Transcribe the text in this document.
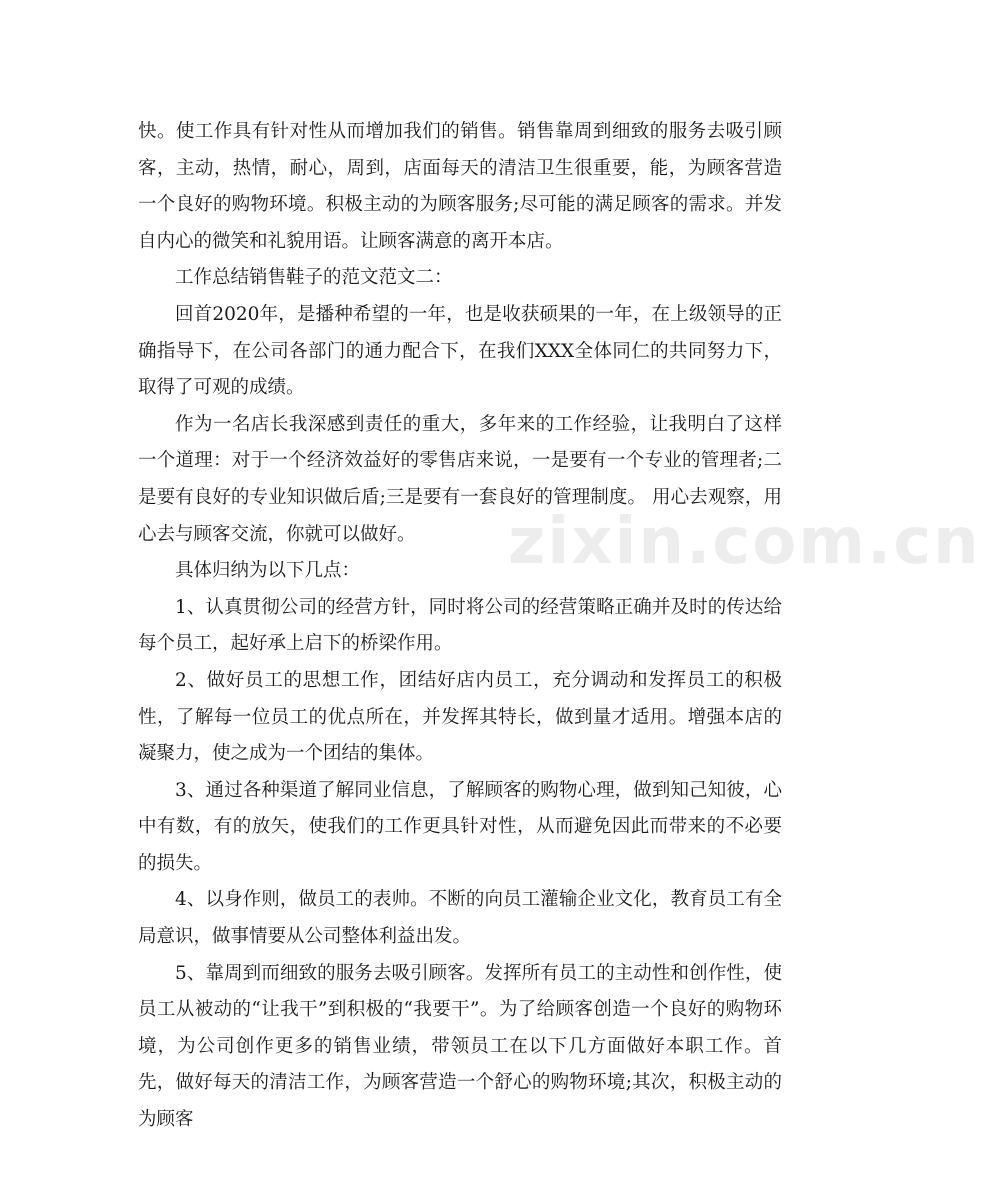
zixin.com.cn

快。使工作具有针对性从而增加我们的销售。销售靠周到细致的服务去吸引顾客，主动，热情，耐心，周到，店面每天的清洁卫生很重要，能，为顾客营造一个良好的购物环境。积极主动的为顾客服务;尽可能的满足顾客的需求。并发自内心的微笑和礼貌用语。让顾客满意的离开本店。

工作总结销售鞋子的范文范文二：

回首2020年，是播种希望的一年，也是收获硕果的一年，在上级领导的正确指导下，在公司各部门的通力配合下，在我们XXX全体同仁的共同努力下，取得了可观的成绩。

作为一名店长我深感到责任的重大，多年来的工作经验，让我明白了这样一个道理：对于一个经济效益好的零售店来说，一是要有一个专业的管理者;二是要有良好的专业知识做后盾;三是要有一套良好的管理制度。 用心去观察，用心去与顾客交流，你就可以做好。

具体归纳为以下几点：

1、认真贯彻公司的经营方针，同时将公司的经营策略正确并及时的传达给每个员工，起好承上启下的桥梁作用。

2、做好员工的思想工作，团结好店内员工，充分调动和发挥员工的积极性，了解每一位员工的优点所在，并发挥其特长，做到量才适用。增强本店的凝聚力，使之成为一个团结的集体。

3、通过各种渠道了解同业信息，了解顾客的购物心理，做到知己知彼，心中有数，有的放矢，使我们的工作更具针对性，从而避免因此而带来的不必要的损失。

4、以身作则，做员工的表帅。不断的向员工灌输企业文化，教育员工有全局意识，做事情要从公司整体利益出发。

5、靠周到而细致的服务去吸引顾客。发挥所有员工的主动性和创作性，使员工从被动的“让我干”到积极的“我要干”。为了给顾客创造一个良好的购物环境，为公司创作更多的销售业绩，带领员工在以下几方面做好本职工作。首先，做好每天的清洁工作，为顾客营造一个舒心的购物环境;其次，积极主动的为顾客
